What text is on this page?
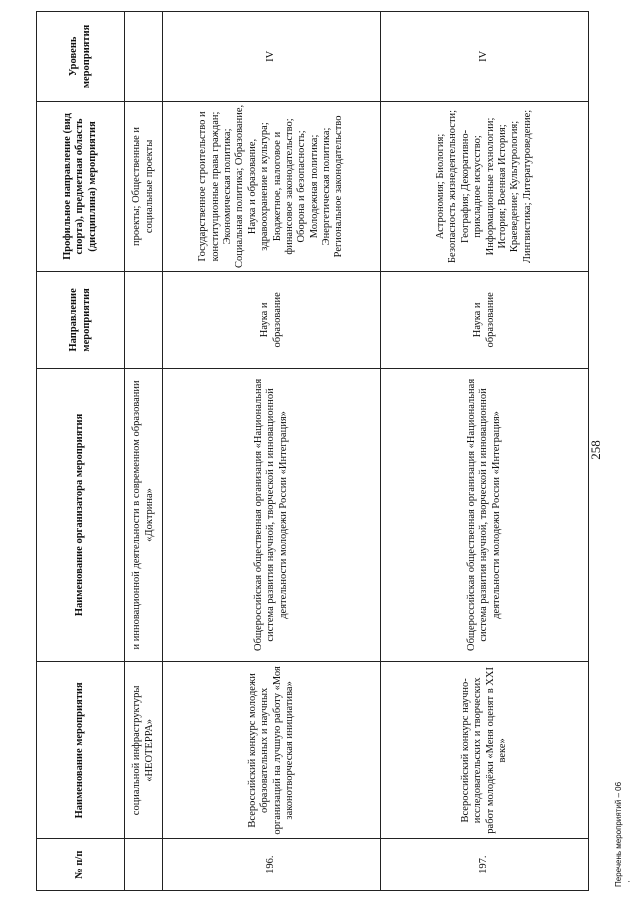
№ п/п	Наименование мероприятия	Наименование организатора мероприятия	Направление мероприятия	Профильное направление (вид спорта), предметная область (дисциплина) мероприятия	Уровень мероприятия
	социальной инфраструктуры «НЕОТЕРРА»	и инновационной деятельности в современном образовании «Доктрина»		проекты; Общественные и социальные проекты	
196.	Всероссийский конкурс молодежи образовательных и научных организаций на лучшую работу «Моя законотворческая инициатива»	Общероссийская общественная организация «Национальная система развития научной, творческой и инновационной деятельности молодежи России «Интеграция»	Наука и образование	Государственное строительство и конституционные права граждан; Экономическая политика; Социальная политика; Образование, Наука и образование, здравоохранение и культура; Бюджетное, налоговое и финансовое законодательство; Оборона и безопасность; Молодежная политика; Энергетическая политика; Региональное законодательство	IV
197.	Всероссийский конкурс научно-исследовательских и творческих работ молодёжи «Меня оценят в XXI веке»	Общероссийская общественная организация «Национальная система развития научной, творческой и инновационной деятельности молодежи России «Интеграция»	Наука и образование	Астрономия; Биология; Безопасность жизнедеятельности; География; Декоративно-прикладное искусство; Информационные технологии; История; Военная История; Краеведение; Культурология; Лингвистика; Литературоведение;	IV
258
Перечень мероприятий – 06 ·
